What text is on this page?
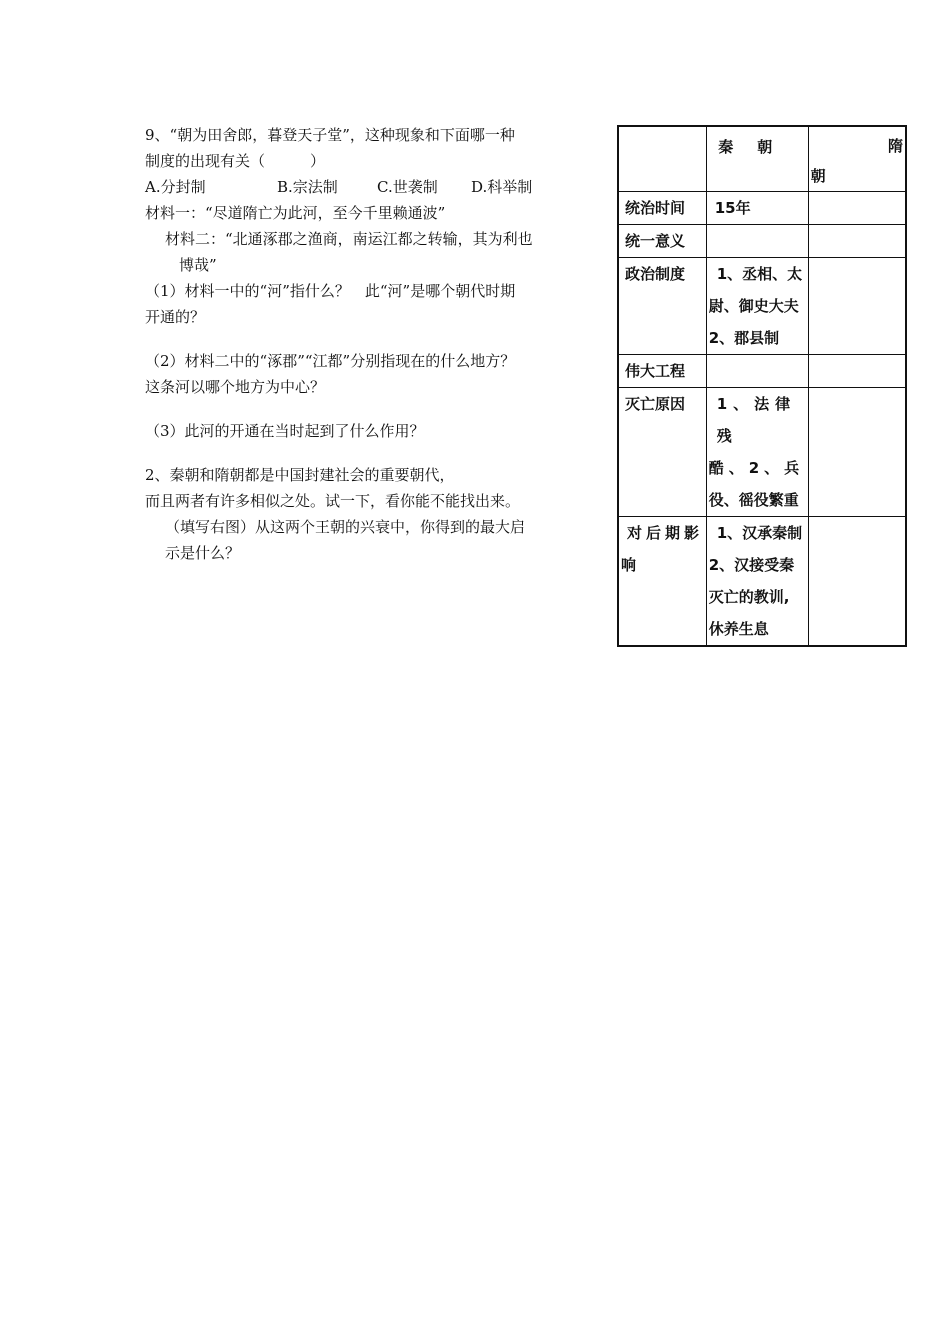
9、“朝为田舍郎，暮登天子堂”，这种现象和下面哪一种
制度的出现有关（　　　）
A.分封制	B.宗法制	C.世袭制 D.科举制
材料一：“尽道隋亡为此河，至今千里赖通波”
材料二：“北通涿郡之渔商，南运江都之转输，其为利也
博哉”
（1）材料一中的“河”指什么？　此“河”是哪个朝代时期
开通的？
（2）材料二中的“涿郡”“江都”分别指现在的什么地方？
这条河以哪个地方为中心？
（3）此河的开通在当时起到了什么作用？
2、秦朝和隋朝都是中国封建社会的重要朝代，
而且两者有许多相似之处。试一下，看你能不能找出来。
（填写右图）从这两个王朝的兴衰中，你得到的最大启
示是什么？
	秦朝	隋

朝

统治时间	15年	
统一意义		
政治制度	1、丞相、太
尉、御史大夫
2、郡县制	

伟大工程		
灭亡原因	1、法律残
酷、2、兵
役、徭役繁重	

对后期影
响	1、汉承秦制
2、汉接受秦
灭亡的教训,
休养生息	
